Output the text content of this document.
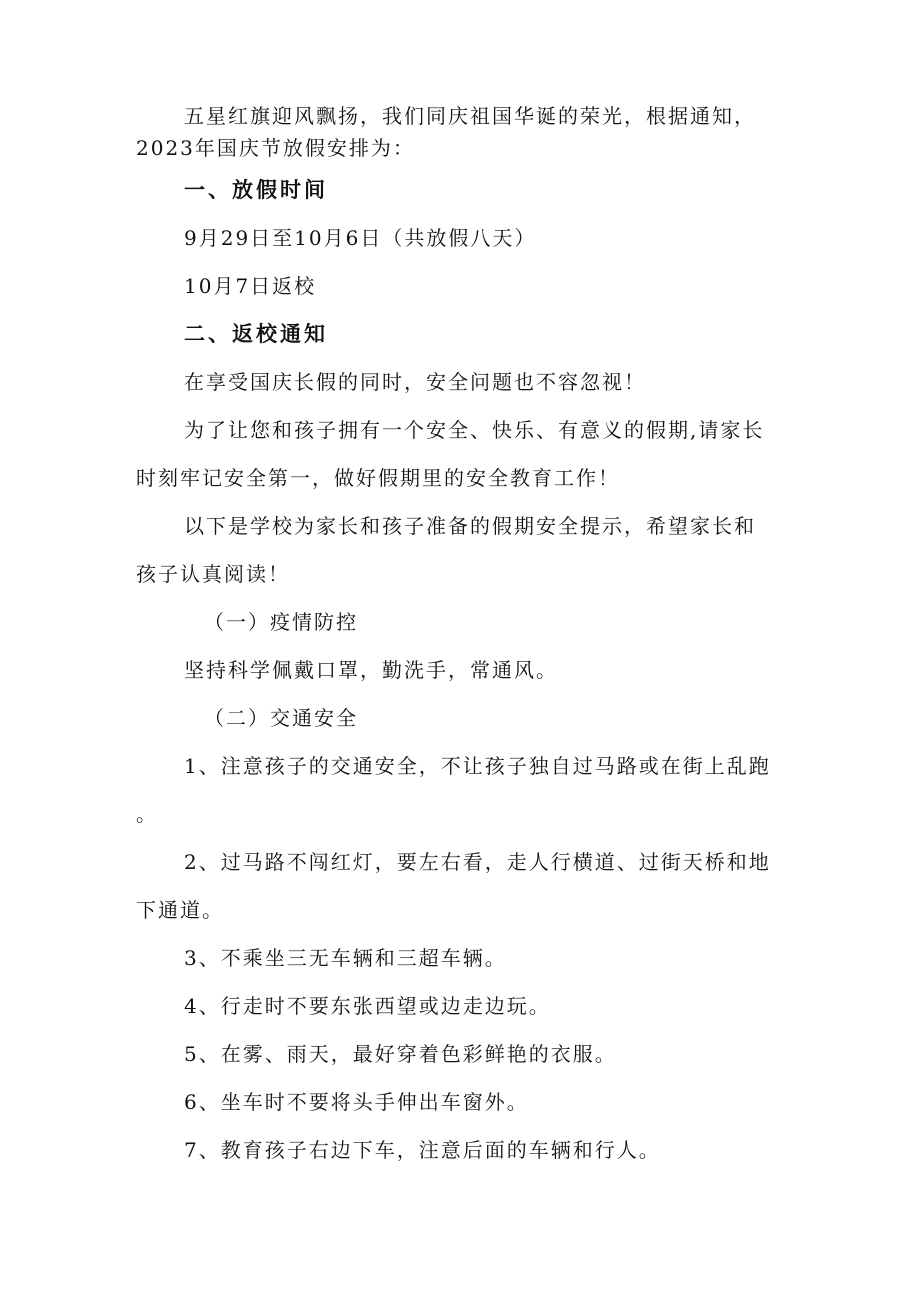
五星红旗迎风飘扬，我们同庆祖国华诞的荣光，根据通知，
2023年国庆节放假安排为：
一、放假时间
9月29日至10月6日（共放假八天）
10月7日返校
二、返校通知
在享受国庆长假的同时，安全问题也不容忽视！
为了让您和孩子拥有一个安全、快乐、有意义的假期,请家长
时刻牢记安全第一，做好假期里的安全教育工作！
以下是学校为家长和孩子准备的假期安全提示，希望家长和
孩子认真阅读！
（一）疫情防控
坚持科学佩戴口罩，勤洗手，常通风。
（二）交通安全
1、注意孩子的交通安全，不让孩子独自过马路或在街上乱跑
。
2、过马路不闯红灯，要左右看，走人行横道、过街天桥和地
下通道。
3、不乘坐三无车辆和三超车辆。
4、行走时不要东张西望或边走边玩。
5、在雾、雨天，最好穿着色彩鲜艳的衣服。
6、坐车时不要将头手伸出车窗外。
7、教育孩子右边下车，注意后面的车辆和行人。
